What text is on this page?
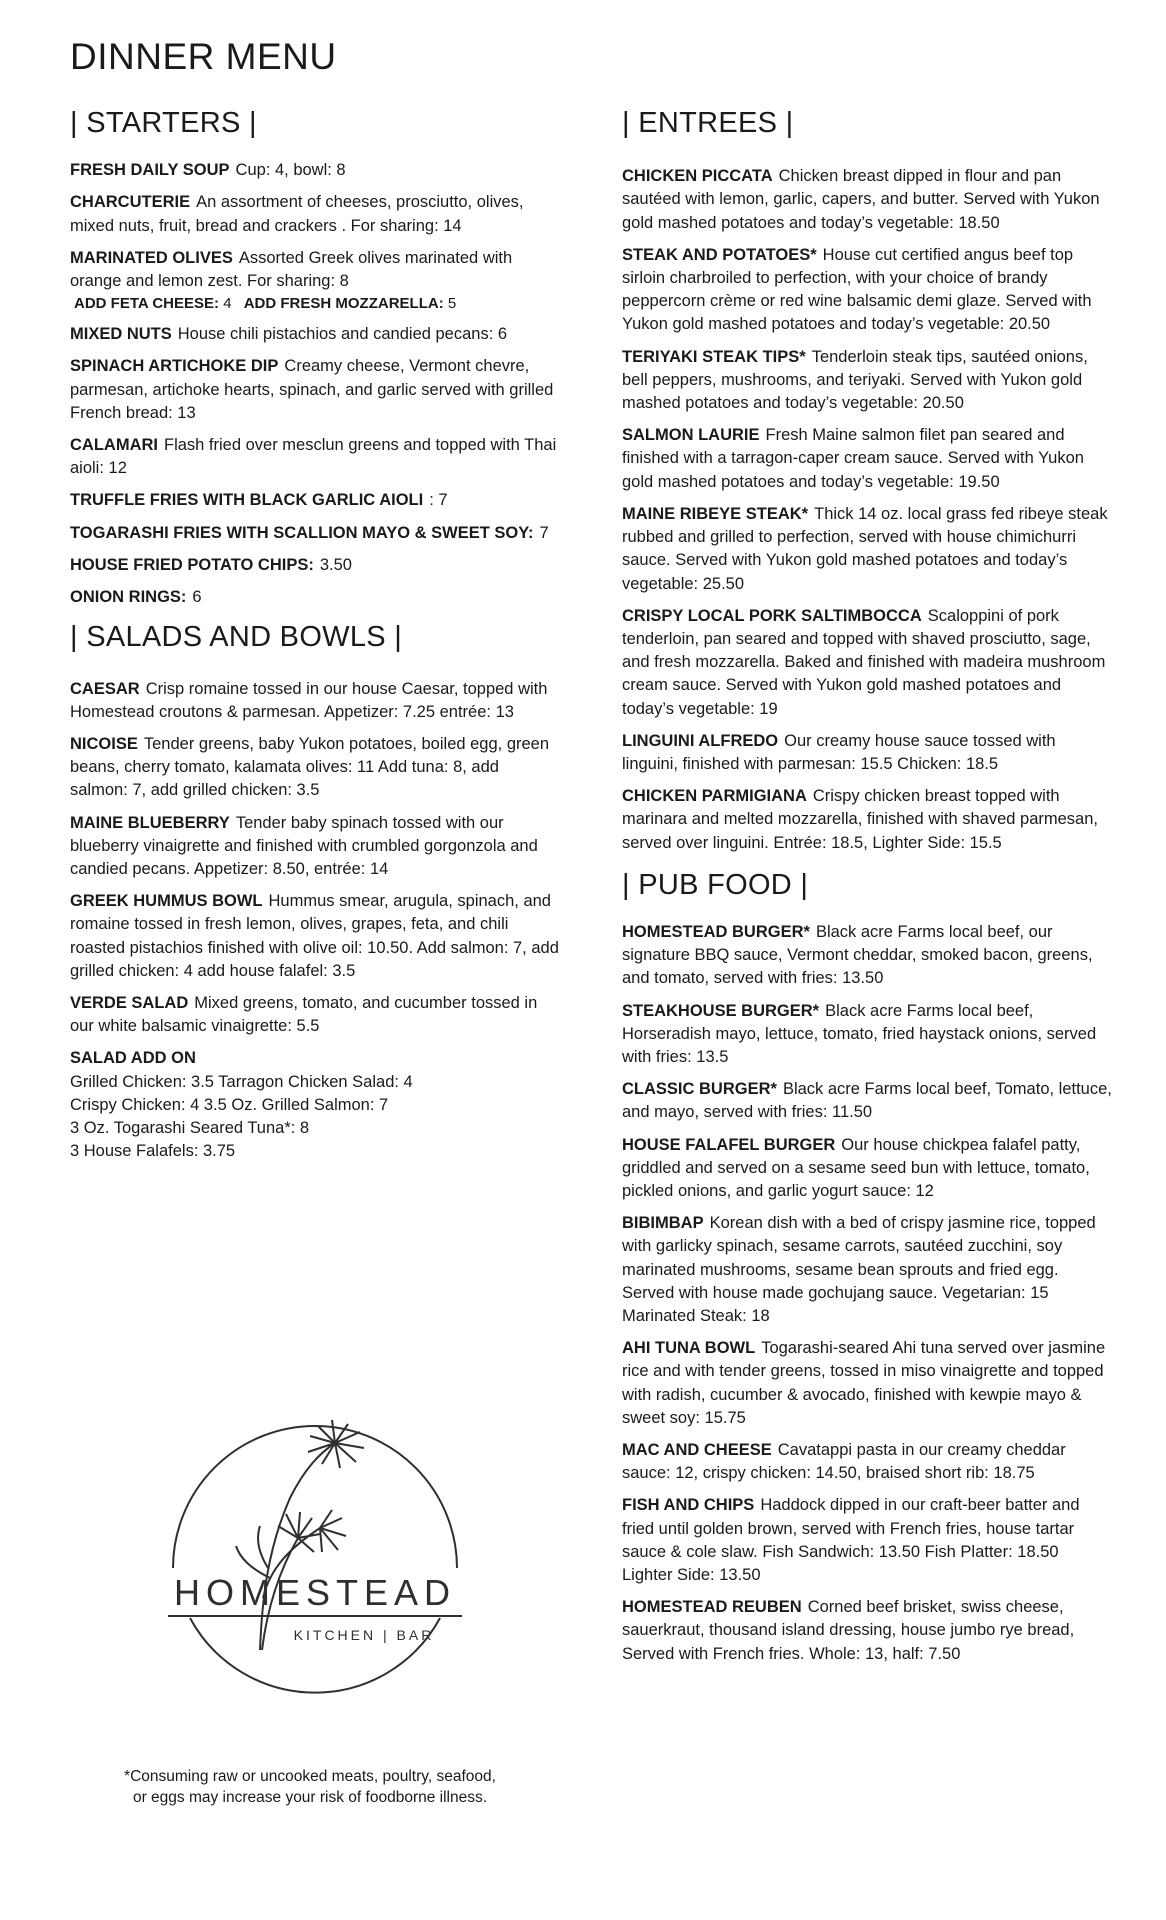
DINNER MENU
| STARTERS |
FRESH DAILY SOUP Cup: 4, bowl: 8
CHARCUTERIE An assortment of cheeses, prosciutto, olives, mixed nuts, fruit, bread and crackers . For sharing: 14
MARINATED OLIVES Assorted Greek olives marinated with orange and lemon zest. For sharing: 8
ADD FETA CHEESE: 4 ADD FRESH MOZZARELLA: 5
MIXED NUTS House chili pistachios and candied pecans: 6
SPINACH ARTICHOKE DIP Creamy cheese, Vermont chevre, parmesan, artichoke hearts, spinach, and garlic served with grilled French bread: 13
CALAMARI Flash fried over mesclun greens and topped with Thai aioli: 12
TRUFFLE FRIES WITH BLACK GARLIC AIOLI : 7
TOGARASHI FRIES WITH SCALLION MAYO & SWEET SOY: 7
HOUSE FRIED POTATO CHIPS: 3.50
ONION RINGS: 6
| SALADS AND BOWLS |
CAESAR Crisp romaine tossed in our house Caesar, topped with Homestead croutons & parmesan. Appetizer: 7.25 entrée: 13
NICOISE Tender greens, baby Yukon potatoes, boiled egg, green beans, cherry tomato, kalamata olives: 11 Add tuna: 8, add salmon: 7, add grilled chicken: 3.5
MAINE BLUEBERRY Tender baby spinach tossed with our blueberry vinaigrette and finished with crumbled gorgonzola and candied pecans. Appetizer: 8.50, entrée: 14
GREEK HUMMUS BOWL Hummus smear, arugula, spinach, and romaine tossed in fresh lemon, olives, grapes, feta, and chili roasted pistachios finished with olive oil: 10.50. Add salmon: 7, add grilled chicken: 4 add house falafel: 3.5
VERDE SALAD Mixed greens, tomato, and cucumber tossed in our white balsamic vinaigrette: 5.5
SALAD ADD ON
Grilled Chicken: 3.5 Tarragon Chicken Salad: 4
Crispy Chicken: 4 3.5 Oz. Grilled Salmon: 7
3 Oz. Togarashi Seared Tuna*: 8
3 House Falafels: 3.75
| ENTREES |
CHICKEN PICCATA Chicken breast dipped in flour and pan sautéed with lemon, garlic, capers, and butter. Served with Yukon gold mashed potatoes and today’s vegetable: 18.50
STEAK AND POTATOES* House cut certified angus beef top sirloin charbroiled to perfection, with your choice of brandy peppercorn crème or red wine balsamic demi glaze. Served with Yukon gold mashed potatoes and today’s vegetable: 20.50
TERIYAKI STEAK TIPS* Tenderloin steak tips, sautéed onions, bell peppers, mushrooms, and teriyaki. Served with Yukon gold mashed potatoes and today’s vegetable: 20.50
SALMON LAURIE Fresh Maine salmon filet pan seared and finished with a tarragon-caper cream sauce. Served with Yukon gold mashed potatoes and today’s vegetable: 19.50
MAINE RIBEYE STEAK* Thick 14 oz. local grass fed ribeye steak rubbed and grilled to perfection, served with house chimichurri sauce. Served with Yukon gold mashed potatoes and today’s vegetable: 25.50
CRISPY LOCAL PORK SALTIMBOCCA Scaloppini of pork tenderloin, pan seared and topped with shaved prosciutto, sage, and fresh mozzarella. Baked and finished with madeira mushroom cream sauce. Served with Yukon gold mashed potatoes and today’s vegetable: 19
LINGUINI ALFREDO Our creamy house sauce tossed with linguini, finished with parmesan: 15.5 Chicken: 18.5
CHICKEN PARMIGIANA Crispy chicken breast topped with marinara and melted mozzarella, finished with shaved parmesan, served over linguini. Entrée: 18.5, Lighter Side: 15.5
| PUB FOOD |
HOMESTEAD BURGER* Black acre Farms local beef, our signature BBQ sauce, Vermont cheddar, smoked bacon, greens, and tomato, served with fries: 13.50
STEAKHOUSE BURGER* Black acre Farms local beef, Horseradish mayo, lettuce, tomato, fried haystack onions, served with fries: 13.5
CLASSIC BURGER* Black acre Farms local beef, Tomato, lettuce, and mayo, served with fries: 11.50
HOUSE FALAFEL BURGER Our house chickpea falafel patty, griddled and served on a sesame seed bun with lettuce, tomato, pickled onions, and garlic yogurt sauce: 12
BIBIMBAP Korean dish with a bed of crispy jasmine rice, topped with garlicky spinach, sesame carrots, sautéed zucchini, soy marinated mushrooms, sesame bean sprouts and fried egg. Served with house made gochujang sauce. Vegetarian: 15 Marinated Steak: 18
AHI TUNA BOWL Togarashi-seared Ahi tuna served over jasmine rice and with tender greens, tossed in miso vinaigrette and topped with radish, cucumber & avocado, finished with kewpie mayo & sweet soy: 15.75
MAC AND CHEESE Cavatappi pasta in our creamy cheddar sauce: 12, crispy chicken: 14.50, braised short rib: 18.75
FISH AND CHIPS Haddock dipped in our craft-beer batter and fried until golden brown, served with French fries, house tartar sauce & cole slaw. Fish Sandwich: 13.50 Fish Platter: 18.50 Lighter Side: 13.50
HOMESTEAD REUBEN Corned beef brisket, swiss cheese, sauerkraut, thousand island dressing, house jumbo rye bread, Served with French fries. Whole: 13, half: 7.50
HOMESTEAD
KITCHEN | BAR
*Consuming raw or uncooked meats, poultry, seafood,
or eggs may increase your risk of foodborne illness.
